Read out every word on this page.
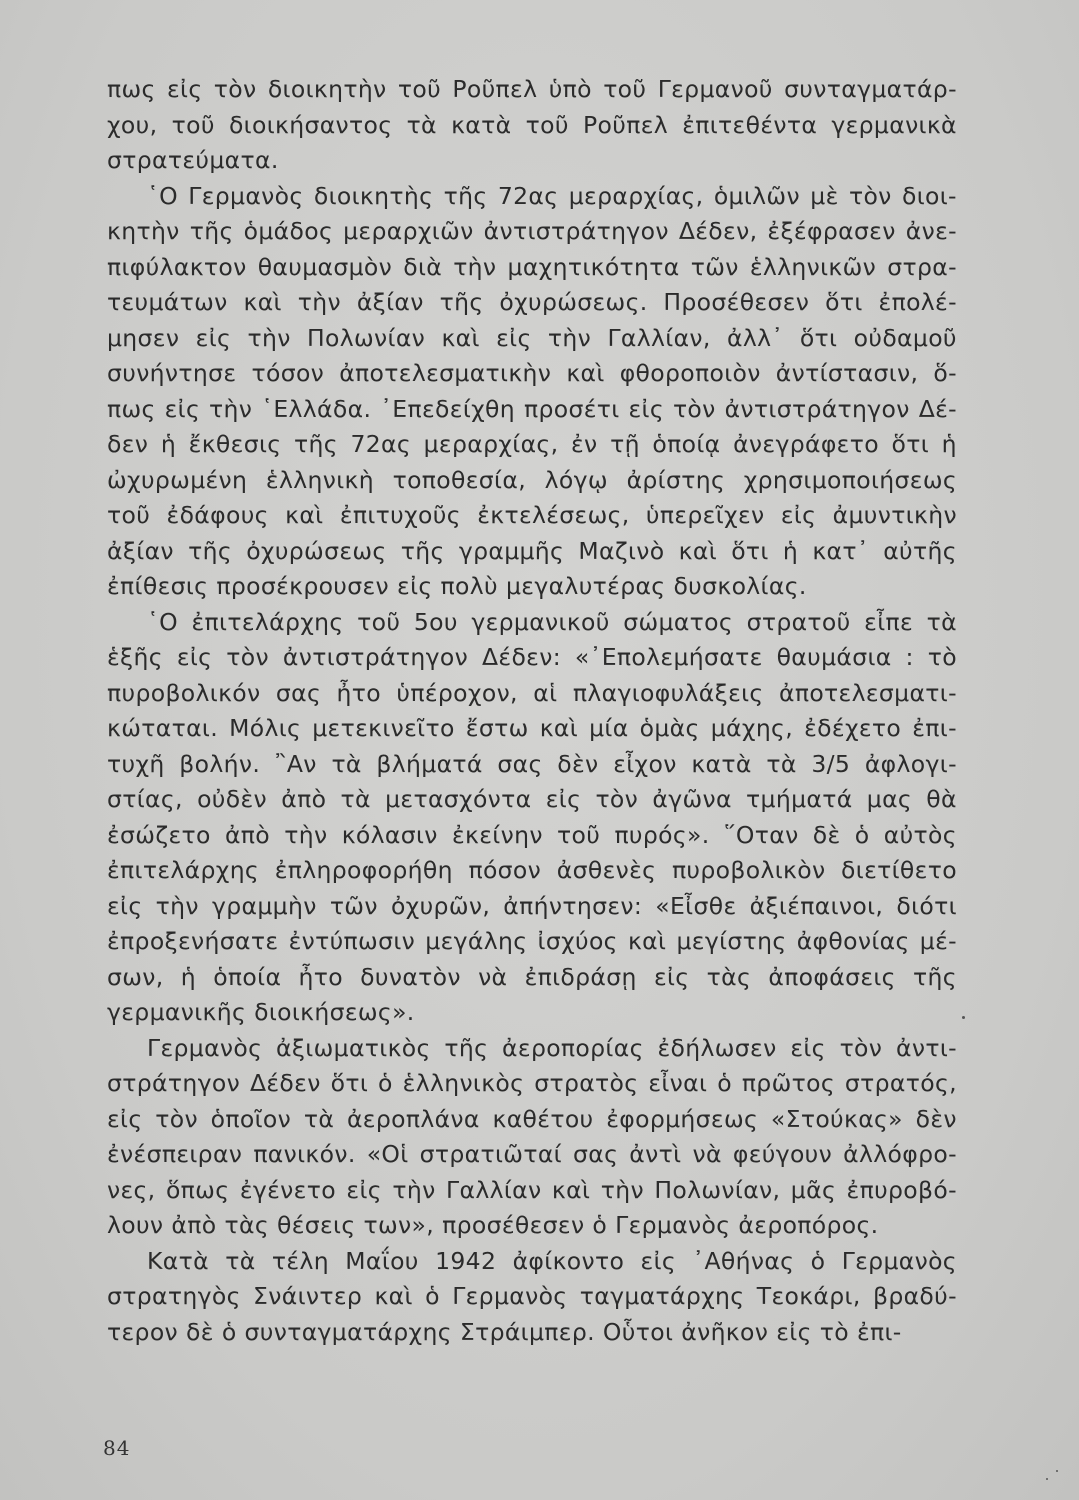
πως εἰς τὸν διοικητὴν τοῦ Ροῦπελ ὑπὸ τοῦ Γερμανοῦ συνταγματάρ-
χου, τοῦ διοικήσαντος τὰ κατὰ τοῦ Ροῦπελ ἐπιτεθέντα γερμανικὰ
στρατεύματα.
῾Ο Γερμανὸς διοικητὴς τῆς 72ας μεραρχίας, ὁμιλῶν μὲ τὸν διοι-
κητὴν τῆς ὁμάδος μεραρχιῶν ἀντιστράτηγον Δέδεν, ἐξέφρασεν ἀνε-
πιφύλακτον θαυμασμὸν διὰ τὴν μαχητικότητα τῶν ἑλληνικῶν στρα-
τευμάτων καὶ τὴν ἀξίαν τῆς ὀχυρώσεως. Προσέθεσεν ὅτι ἐπολέ-
μησεν εἰς τὴν Πολωνίαν καὶ εἰς τὴν Γαλλίαν, ἀλλ᾽ ὅτι οὐδαμοῦ
συνήντησε τόσον ἀποτελεσματικὴν καὶ φθοροποιὸν ἀντίστασιν, ὅ-
πως εἰς τὴν ῾Ελλάδα. ᾽Επεδείχθη προσέτι εἰς τὸν ἀντιστράτηγον Δέ-
δεν ἡ ἔκθεσις τῆς 72ας μεραρχίας, ἐν τῇ ὁποίᾳ ἀνεγράφετο ὅτι ἡ
ὠχυρωμένη ἑλληνικὴ τοποθεσία, λόγῳ ἀρίστης χρησιμοποιήσεως
τοῦ ἐδάφους καὶ ἐπιτυχοῦς ἐκτελέσεως, ὑπερεῖχεν εἰς ἀμυντικὴν
ἀξίαν τῆς ὀχυρώσεως τῆς γραμμῆς Μαζινὸ καὶ ὅτι ἡ κατ᾽ αὐτῆς
ἐπίθεσις προσέκρουσεν εἰς πολὺ μεγαλυτέρας δυσκολίας.
῾Ο ἐπιτελάρχης τοῦ 5ου γερμανικοῦ σώματος στρατοῦ εἶπε τὰ
ἑξῆς εἰς τὸν ἀντιστράτηγον Δέδεν: «᾽Επολεμήσατε θαυμάσια : τὸ
πυροβολικόν σας ἦτο ὑπέροχον, αἱ πλαγιοφυλάξεις ἀποτελεσματι-
κώταται. Μόλις μετεκινεῖτο ἔστω καὶ μία ὁμὰς μάχης, ἐδέχετο ἐπι-
τυχῆ βολήν. ῍Αν τὰ βλήματά σας δὲν εἶχον κατὰ τὰ 3/5 ἀφλογι-
στίας, οὐδὲν ἀπὸ τὰ μετασχόντα εἰς τὸν ἀγῶνα τμήματά μας θὰ
ἐσώζετο ἀπὸ τὴν κόλασιν ἐκείνην τοῦ πυρός». ῞Οταν δὲ ὁ αὐτὸς
ἐπιτελάρχης ἐπληροφορήθη πόσον ἀσθενὲς πυροβολικὸν διετίθετο
εἰς τὴν γραμμὴν τῶν ὀχυρῶν, ἀπήντησεν: «Εἶσθε ἀξιέπαινοι, διότι
ἐπροξενήσατε ἐντύπωσιν μεγάλης ἰσχύος καὶ μεγίστης ἀφθονίας μέ-
σων, ἡ ὁποία ἦτο δυνατὸν νὰ ἐπιδράσῃ εἰς τὰς ἀποφάσεις τῆς
γερμανικῆς διοικήσεως».
Γερμανὸς ἀξιωματικὸς τῆς ἀεροπορίας ἐδήλωσεν εἰς τὸν ἀντι-
στράτηγον Δέδεν ὅτι ὁ ἑλληνικὸς στρατὸς εἶναι ὁ πρῶτος στρατός,
εἰς τὸν ὁποῖον τὰ ἀεροπλάνα καθέτου ἐφορμήσεως «Στούκας» δὲν
ἐνέσπειραν πανικόν. «Οἱ στρατιῶταί σας ἀντὶ νὰ φεύγουν ἀλλόφρο-
νες, ὅπως ἐγένετο εἰς τὴν Γαλλίαν καὶ τὴν Πολωνίαν, μᾶς ἐπυροβό-
λουν ἀπὸ τὰς θέσεις των», προσέθεσεν ὁ Γερμανὸς ἀεροπόρος.
Κατὰ τὰ τέλη Μαΐου 1942 ἀφίκοντο εἰς ᾽Αθήνας ὁ Γερμανὸς
στρατηγὸς Σνάιντερ καὶ ὁ Γερμανὸς ταγματάρχης Τεοκάρι, βραδύ-
τερον δὲ ὁ συνταγματάρχης Στράιμπερ. Οὗτοι ἀνῆκον εἰς τὸ ἐπι-
84
